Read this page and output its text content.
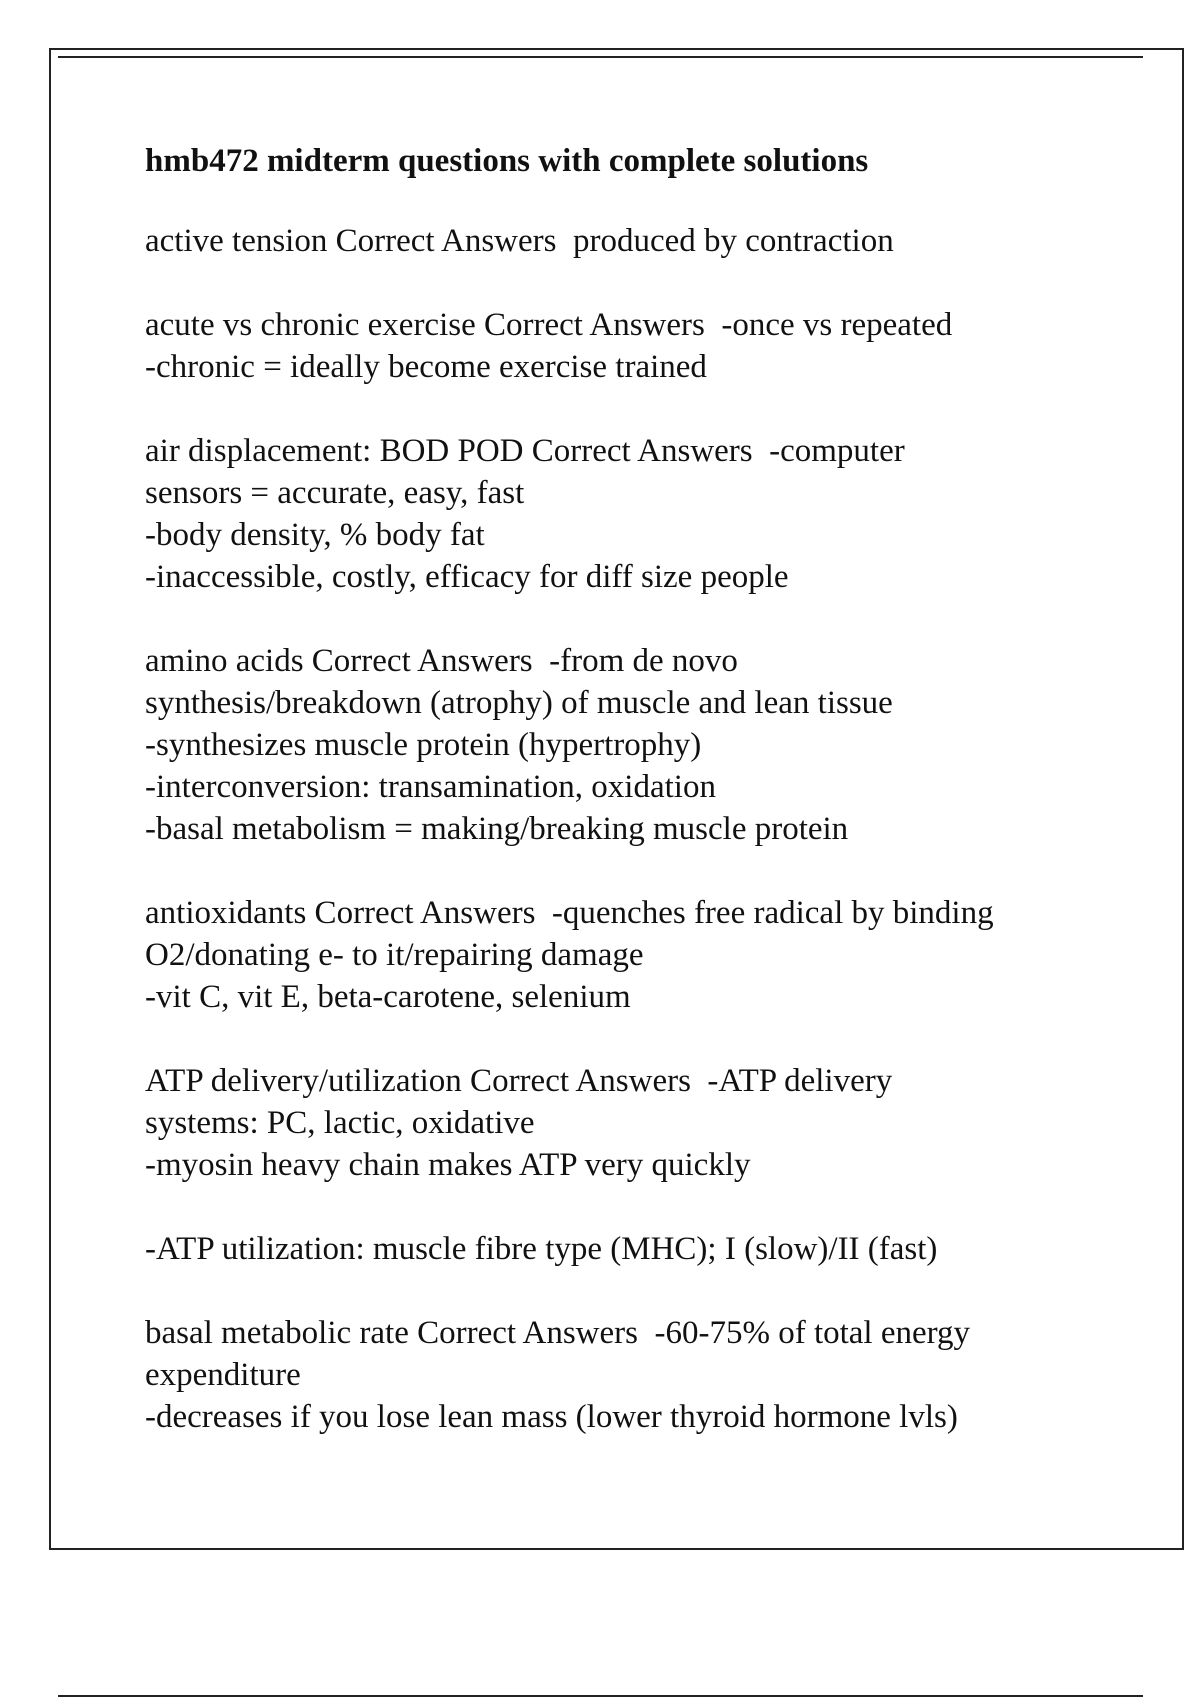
hmb472 midterm questions with complete solutions

active tension Correct Answers  produced by contraction

acute vs chronic exercise Correct Answers  -once vs repeated
-chronic = ideally become exercise trained

air displacement: BOD POD Correct Answers  -computer
sensors = accurate, easy, fast
-body density, % body fat
-inaccessible, costly, efficacy for diff size people

amino acids Correct Answers  -from de novo
synthesis/breakdown (atrophy) of muscle and lean tissue
-synthesizes muscle protein (hypertrophy)
-interconversion: transamination, oxidation
-basal metabolism = making/breaking muscle protein

antioxidants Correct Answers  -quenches free radical by binding
O2/donating e- to it/repairing damage
-vit C, vit E, beta-carotene, selenium

ATP delivery/utilization Correct Answers  -ATP delivery
systems: PC, lactic, oxidative
-myosin heavy chain makes ATP very quickly

-ATP utilization: muscle fibre type (MHC); I (slow)/II (fast)

basal metabolic rate Correct Answers  -60-75% of total energy
expenditure
-decreases if you lose lean mass (lower thyroid hormone lvls)
